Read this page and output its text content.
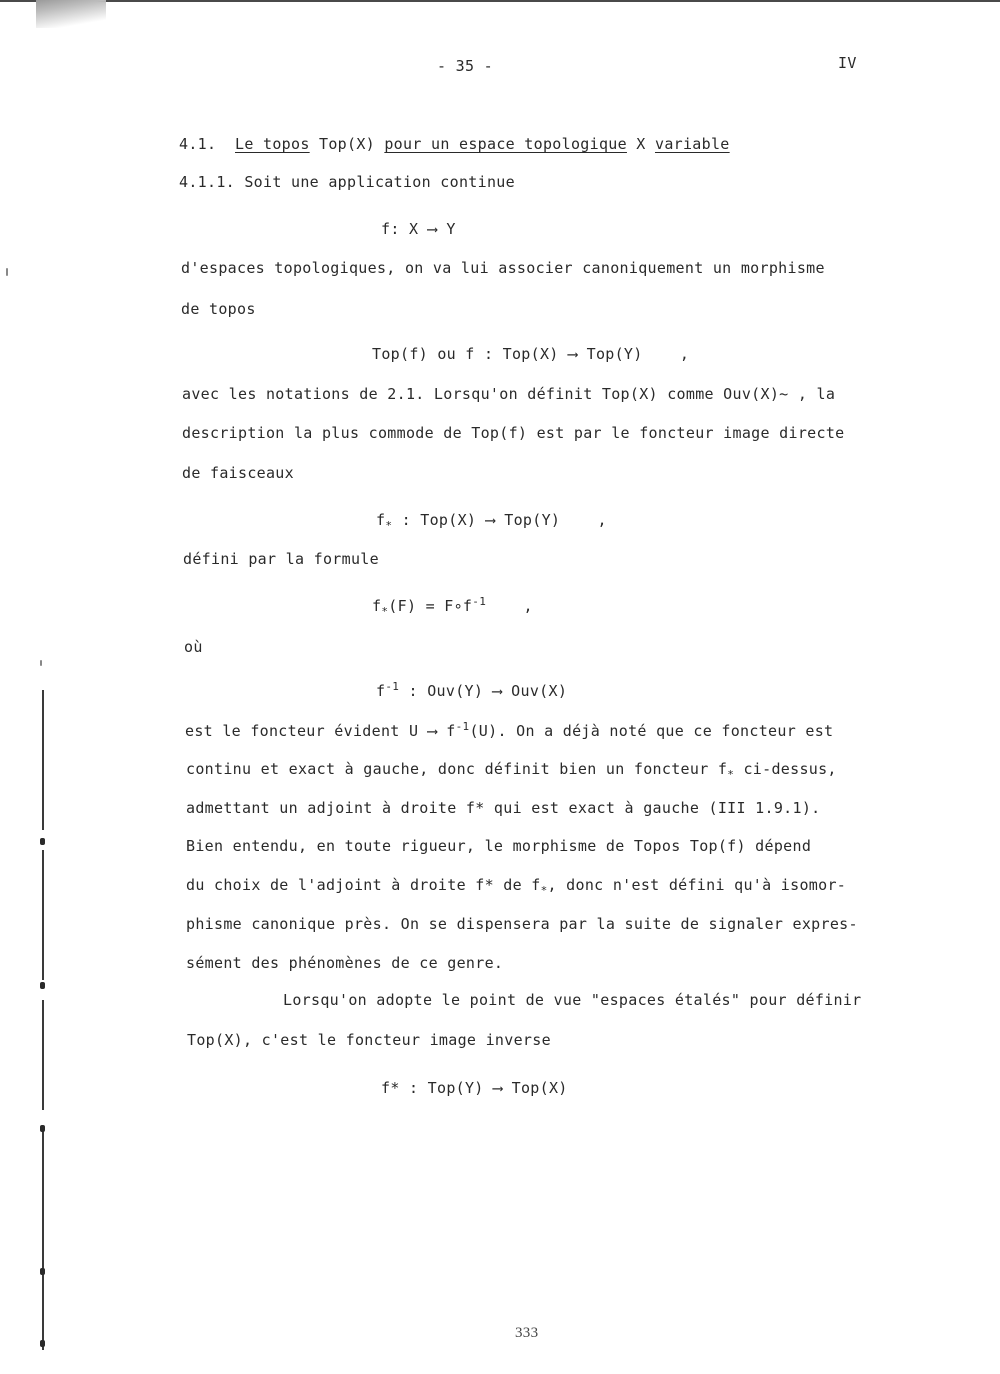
- 35 -	IV
4.1. Le topos Top(X) pour un espace topologique X variable
4.1.1. Soit une application continue
f: X ⟶ Y
d'espaces topologiques, on va lui associer canoniquement un morphisme
de topos
Top(f) ou f : Top(X) ⟶ Top(Y)    ,
avec les notations de 2.1. Lorsqu'on définit Top(X) comme Ouv(X)~ , la
description la plus commode de Top(f) est par le foncteur image directe
de faisceaux
$f_*$ : Top(X) ⟶ Top(Y)    ,
défini par la formule
$f_*(F)$ = $F\circ f^{-1}$    ,
où
$f^{-1}$ : Ouv(Y) ⟶ Ouv(X)
est le foncteur évident U ⟶ $f^{-1}(U)$. On a déjà noté que ce foncteur est
continu et exact à gauche, donc définit bien un foncteur $f_*$ ci-dessus,
admettant un adjoint à droite f* qui est exact à gauche (III 1.9.1).
Bien entendu, en toute rigueur, le morphisme de Topos Top(f) dépend
du choix de l'adjoint à droite f* de $f_*$, donc n'est défini qu'à isomor-
phisme canonique près. On se dispensera par la suite de signaler expres-
sément des phénomènes de ce genre.
Lorsqu'on adopte le point de vue "espaces étalés" pour définir
Top(X), c'est le foncteur image inverse
f* : Top(Y) ⟶ Top(X)
333
